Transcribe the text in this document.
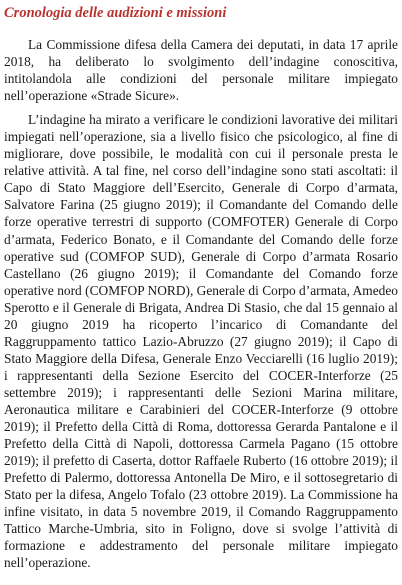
Cronologia delle audizioni e missioni

La Commissione difesa della Camera dei deputati, in data 17 aprile 2018, ha deliberato lo svolgimento dell’indagine conoscitiva, intitolandola alle condizioni del personale militare impiegato nell’operazione «Strade Sicure».

L’indagine ha mirato a verificare le condizioni lavorative dei militari impiegati nell’operazione, sia a livello fisico che psicologico, al fine di migliorare, dove possibile, le modalità con cui il personale presta le relative attività. A tal fine, nel corso dell’indagine sono stati ascoltati: il Capo di Stato Maggiore dell’Esercito, Generale di Corpo d’armata, Salvatore Farina (25 giugno 2019); il Comandante del Comando delle forze operative terrestri di supporto (COMFOTER) Generale di Corpo d’armata, Federico Bonato, e il Comandante del Comando delle forze operative sud (COMFOP SUD), Generale di Corpo d’armata Rosario Castellano (26 giugno 2019); il Comandante del Comando forze operative nord (COMFOP NORD), Generale di Corpo d’armata, Amedeo Sperotto e il Generale di Brigata, Andrea Di Stasio, che dal 15 gennaio al 20 giugno 2019 ha ricoperto l’incarico di Comandante del Raggruppamento tattico Lazio-Abruzzo (27 giugno 2019); il Capo di Stato Maggiore della Difesa, Generale Enzo Vecciarelli (16 luglio 2019); i rappresentanti della Sezione Esercito del COCER-Interforze (25 settembre 2019); i rappresentanti delle Sezioni Marina militare, Aeronautica militare e Carabinieri del COCER-Interforze (9 ottobre 2019); il Prefetto della Città di Roma, dottoressa Gerarda Pantalone e il Prefetto della Città di Napoli, dottoressa Carmela Pagano (15 ottobre 2019); il prefetto di Caserta, dottor Raffaele Ruberto (16 ottobre 2019); il Prefetto di Palermo, dottoressa Antonella De Miro, e il sottosegretario di Stato per la difesa, Angelo Tofalo (23 ottobre 2019). La Commissione ha infine visitato, in data 5 novembre 2019, il Comando Raggruppamento Tattico Marche-Umbria, sito in Foligno, dove si svolge l’attività di formazione e addestramento del personale militare impiegato nell’operazione.
